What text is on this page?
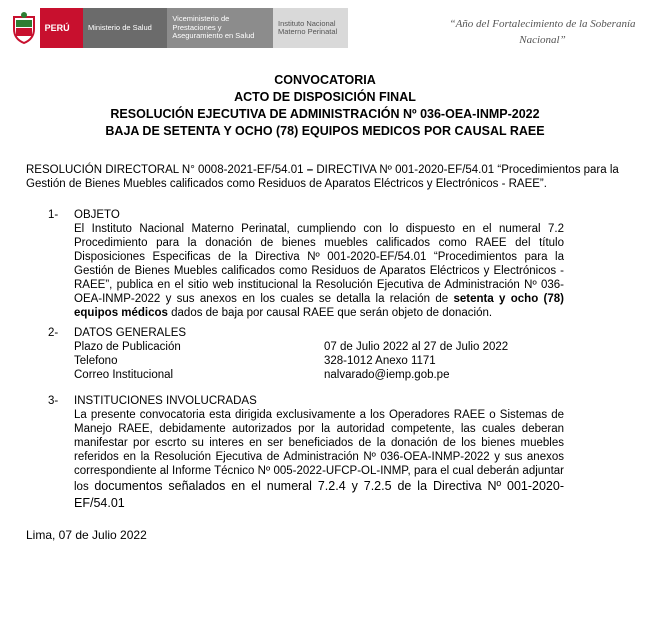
PERÚ	Ministerio de Salud
Viceministerio de Prestaciones y Aseguramiento en Salud
Instituto Nacional Materno Perinatal
“Año del Fortalecimiento de la Soberanía Nacional”
CONVOCATORIA
ACTO DE DISPOSICIÓN FINAL
RESOLUCIÓN EJECUTIVA DE ADMINISTRACIÓN Nº 036-OEA-INMP-2022
BAJA DE SETENTA Y OCHO (78) EQUIPOS MEDICOS POR CAUSAL RAEE
RESOLUCIÓN DIRECTORAL N° 0008-2021-EF/54.01 – DIRECTIVA Nº 001-2020-EF/54.01 “Procedimientos para la Gestión de Bienes Muebles calificados como Residuos de Aparatos Eléctricos y Electrónicos - RAEE”.
1- OBJETO
El Instituto Nacional Materno Perinatal, cumpliendo con lo dispuesto en el numeral 7.2 Procedimiento para la donación de bienes muebles calificados como RAEE del título Disposiciones Especificas de la Directiva Nº 001-2020-EF/54.01 “Procedimientos para la Gestión de Bienes Muebles calificados como Residuos de Aparatos Eléctricos y Electrónicos - RAEE”, publica en el sitio web institucional la Resolución Ejecutiva de Administración Nº 036-OEA-INMP-2022 y sus anexos en los cuales se detalla la relación de setenta y ocho (78) equipos médicos dados de baja por causal RAEE que serán objeto de donación.
2- DATOS GENERALES
Plazo de Publicación	07 de Julio 2022 al 27 de Julio 2022
Telefono	328-1012 Anexo 1171
Correo Institucional	nalvarado@iemp.gob.pe
3- INSTITUCIONES INVOLUCRADAS
La presente convocatoria esta dirigida exclusivamente a los Operadores RAEE o Sistemas de Manejo RAEE, debidamente autorizados por la autoridad competente, las cuales deberan manifestar por escrto su interes en ser beneficiados de la donación de los bienes muebles referidos en la Resolución Ejecutiva de Administración Nº 036-OEA-INMP-2022 y sus anexos correspondiente al Informe Técnico Nº 005-2022-UFCP-OL-INMP, para el cual deberán adjuntar los documentos señalados en el numeral 7.2.4 y 7.2.5 de la Directiva Nº 001-2020-EF/54.01
Lima, 07 de Julio 2022
